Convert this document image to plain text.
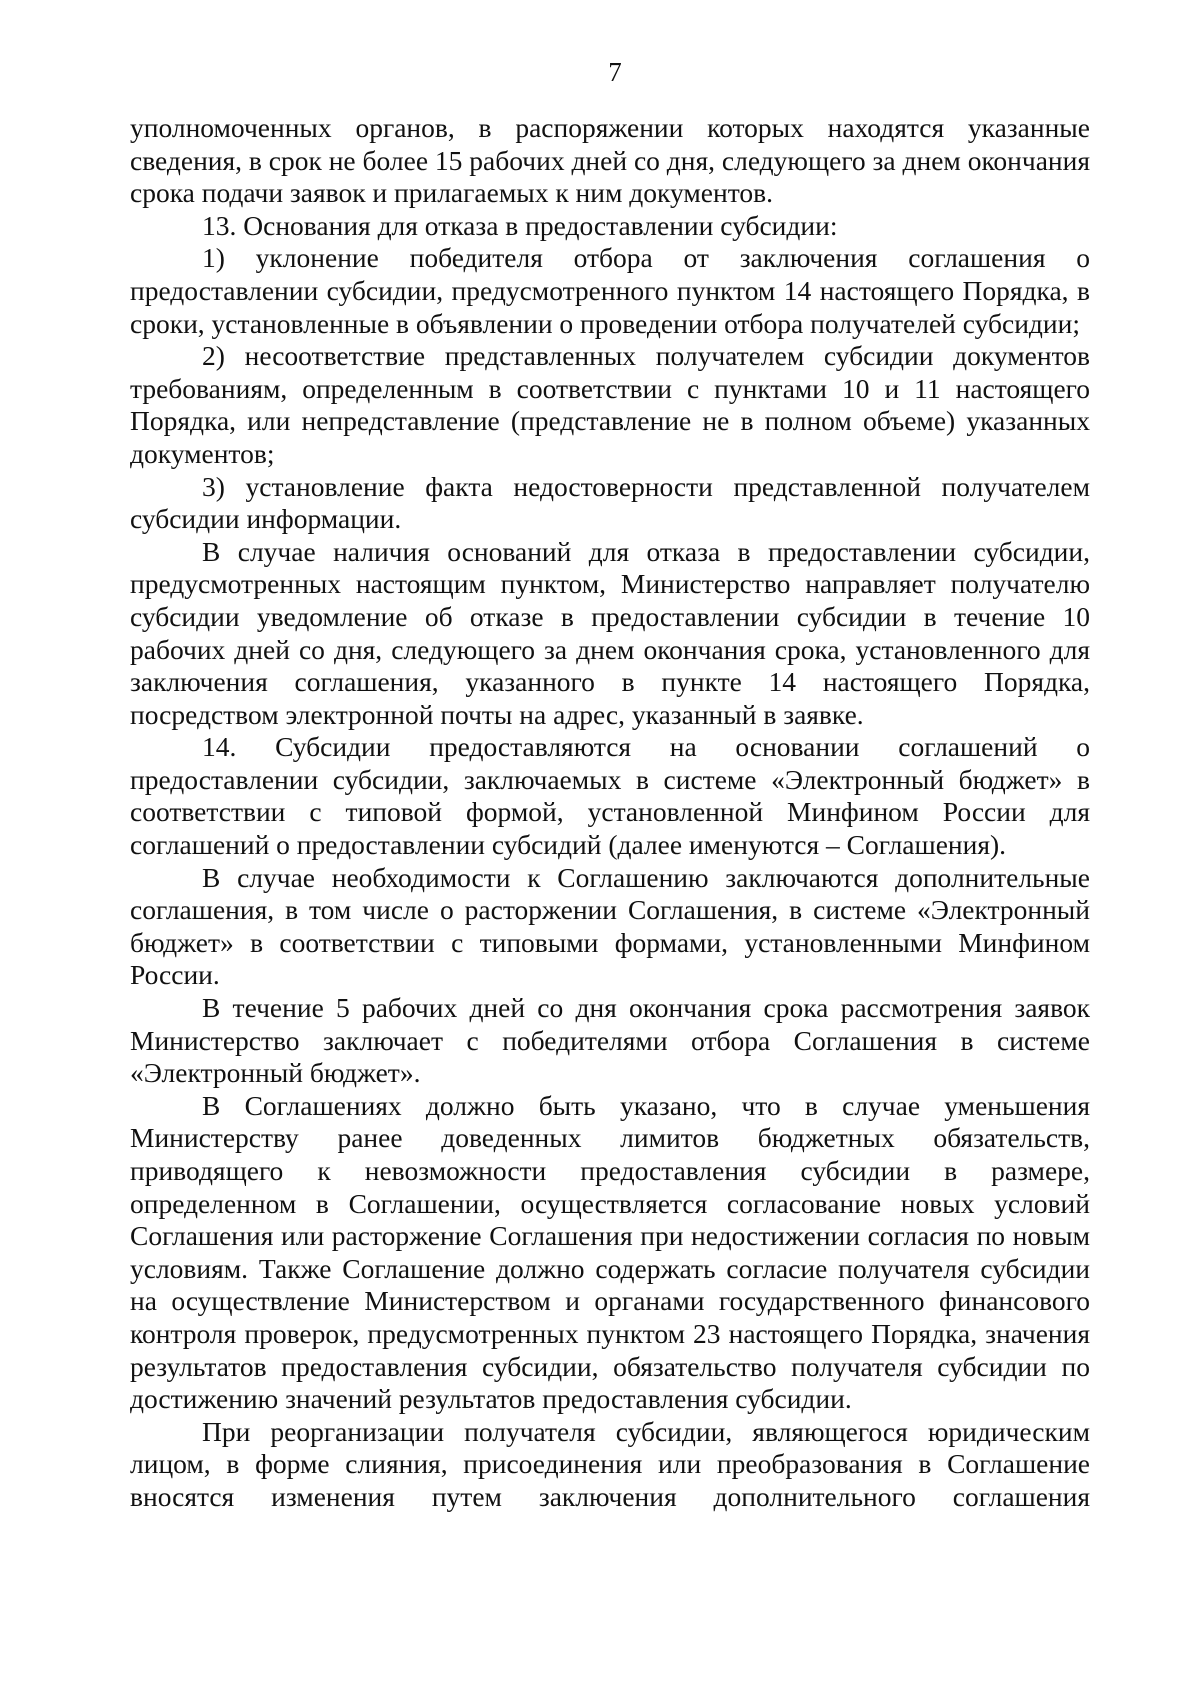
7

уполномоченных органов, в распоряжении которых находятся указанные сведения, в срок не более 15 рабочих дней со дня, следующего за днем окончания срока подачи заявок и прилагаемых к ним документов.

13. Основания для отказа в предоставлении субсидии:

1) уклонение победителя отбора от заключения соглашения о предоставлении субсидии, предусмотренного пунктом 14 настоящего Порядка, в сроки, установленные в объявлении о проведении отбора получателей субсидии;

2) несоответствие представленных получателем субсидии документов требованиям, определенным в соответствии с пунктами 10 и 11 настоящего Порядка, или непредставление (представление не в полном объеме) указанных документов;

3) установление факта недостоверности представленной получателем субсидии информации.

В случае наличия оснований для отказа в предоставлении субсидии, предусмотренных настоящим пунктом, Министерство направляет получателю субсидии уведомление об отказе в предоставлении субсидии в течение 10 рабочих дней со дня, следующего за днем окончания срока, установленного для заключения соглашения, указанного в пункте 14 настоящего Порядка, посредством электронной почты на адрес, указанный в заявке.

14. Субсидии предоставляются на основании соглашений о предоставлении субсидии, заключаемых в системе «Электронный бюджет» в соответствии с типовой формой, установленной Минфином России для соглашений о предоставлении субсидий (далее именуются – Соглашения).

В случае необходимости к Соглашению заключаются дополнительные соглашения, в том числе о расторжении Соглашения, в системе «Электронный бюджет» в соответствии с типовыми формами, установленными Минфином России.

В течение 5 рабочих дней со дня окончания срока рассмотрения заявок Министерство заключает с победителями отбора Соглашения в системе «Электронный бюджет».

В Соглашениях должно быть указано, что в случае уменьшения Министерству ранее доведенных лимитов бюджетных обязательств, приводящего к невозможности предоставления субсидии в размере, определенном в Соглашении, осуществляется согласование новых условий Соглашения или расторжение Соглашения при недостижении согласия по новым условиям. Также Соглашение должно содержать согласие получателя субсидии на осуществление Министерством и органами государственного финансового контроля проверок, предусмотренных пунктом 23 настоящего Порядка, значения результатов предоставления субсидии, обязательство получателя субсидии по достижению значений результатов предоставления субсидии.

При реорганизации получателя субсидии, являющегося юридическим лицом, в форме слияния, присоединения или преобразования в Соглашение вносятся изменения путем заключения дополнительного соглашения
